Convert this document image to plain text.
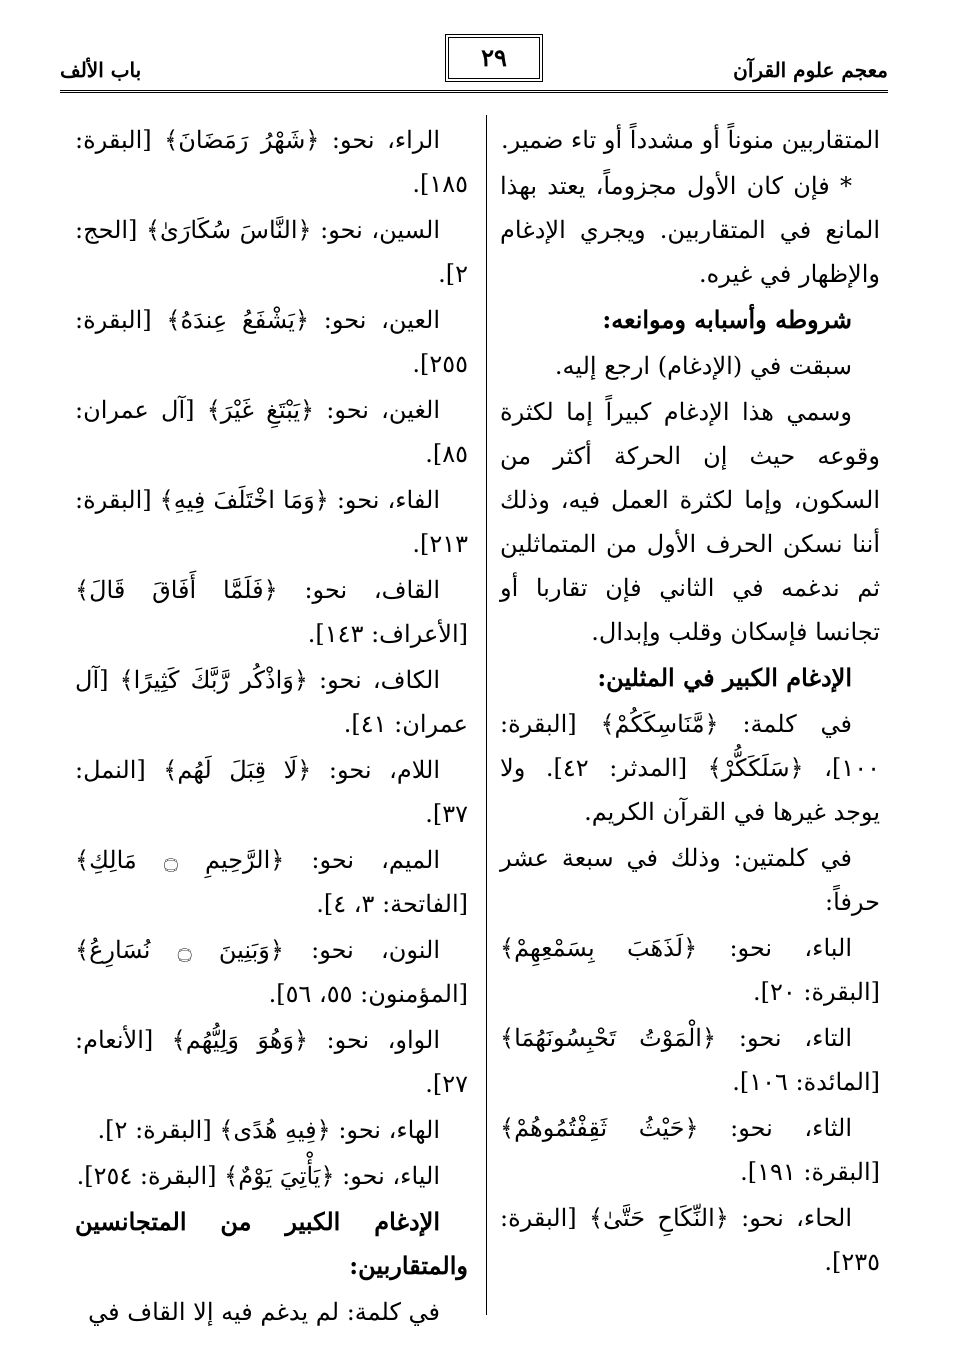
باب الألف	٢٩	معجم علوم القرآن

المتقاربين منوناً أو مشدداً أو تاء ضمير.

* فإن كان الأول مجزوماً، يعتد بهذا المانع في المتقاربين. ويجري الإدغام والإظهار في غيره.

شروطه وأسبابه وموانعه:

سبقت في (الإدغام) ارجع إليه.

وسمي هذا الإدغام كبيراً إما لكثرة وقوعه حيث إن الحركة أكثر من السكون، وإما لكثرة العمل فيه، وذلك أننا نسكن الحرف الأول من المتماثلين ثم ندغمه في الثاني فإن تقاربا أو تجانسا فإسكان وقلب وإبدال.

الإدغام الكبير في المثلين:

في كلمة: ﴿مَّنَاسِكَكُمْ﴾ [البقرة: ١٠٠]، ﴿سَلَكَكُّرْ﴾ [المدثر: ٤٢]. ولا يوجد غيرها في القرآن الكريم.

في كلمتين: وذلك في سبعة عشر حرفاً:

الباء، نحو: ﴿لَذَهَبَ بِسَمْعِهِمْ﴾ [البقرة: ٢٠].

التاء، نحو: ﴿الْمَوْتُ تَحْبِسُونَهُمَا﴾ [المائدة: ١٠٦].

الثاء، نحو: ﴿حَيْثُ ثَقِفْتُمُوهُمْ﴾ [البقرة: ١٩١].

الحاء، نحو: ﴿النِّكَاحِ حَتَّىٰ﴾ [البقرة: ٢٣٥].

الراء، نحو: ﴿شَهْرُ رَمَضَانَ﴾ [البقرة: ١٨٥].

السين، نحو: ﴿النَّاسَ سُكَارَىٰ﴾ [الحج: ٢].

العين، نحو: ﴿يَشْفَعُ عِندَهُ﴾ [البقرة: ٢٥٥].

الغين، نحو: ﴿يَبْتَغِ غَيْرَ﴾ [آل عمران: ٨٥].

الفاء، نحو: ﴿وَمَا اخْتَلَفَ فِيهِ﴾ [البقرة: ٢١٣].

القاف، نحو: ﴿فَلَمَّا أَفَاقَ قَالَ﴾ [الأعراف: ١٤٣].

الكاف، نحو: ﴿وَاذْكُر رَّبَّكَ كَثِيرًا﴾ [آل عمران: ٤١].

اللام، نحو: ﴿لَا قِبَلَ لَهُم﴾ [النمل: ٣٧].

الميم، نحو: ﴿الرَّحِيمِ ۝ مَالِكِ﴾ [الفاتحة: ٣، ٤].

النون، نحو: ﴿وَبَنِينَ ۝ نُسَارِعُ﴾ [المؤمنون: ٥٥، ٥٦].

الواو، نحو: ﴿وَهُوَ وَلِيُّهُم﴾ [الأنعام: ٢٧].

الهاء، نحو: ﴿فِيهِ هُدًى﴾ [البقرة: ٢].

الياء، نحو: ﴿يَأْتِيَ يَوْمٌ﴾ [البقرة: ٢٥٤].

الإدغام الكبير من المتجانسين والمتقاربين:

في كلمة: لم يدغم فيه إلا القاف في
